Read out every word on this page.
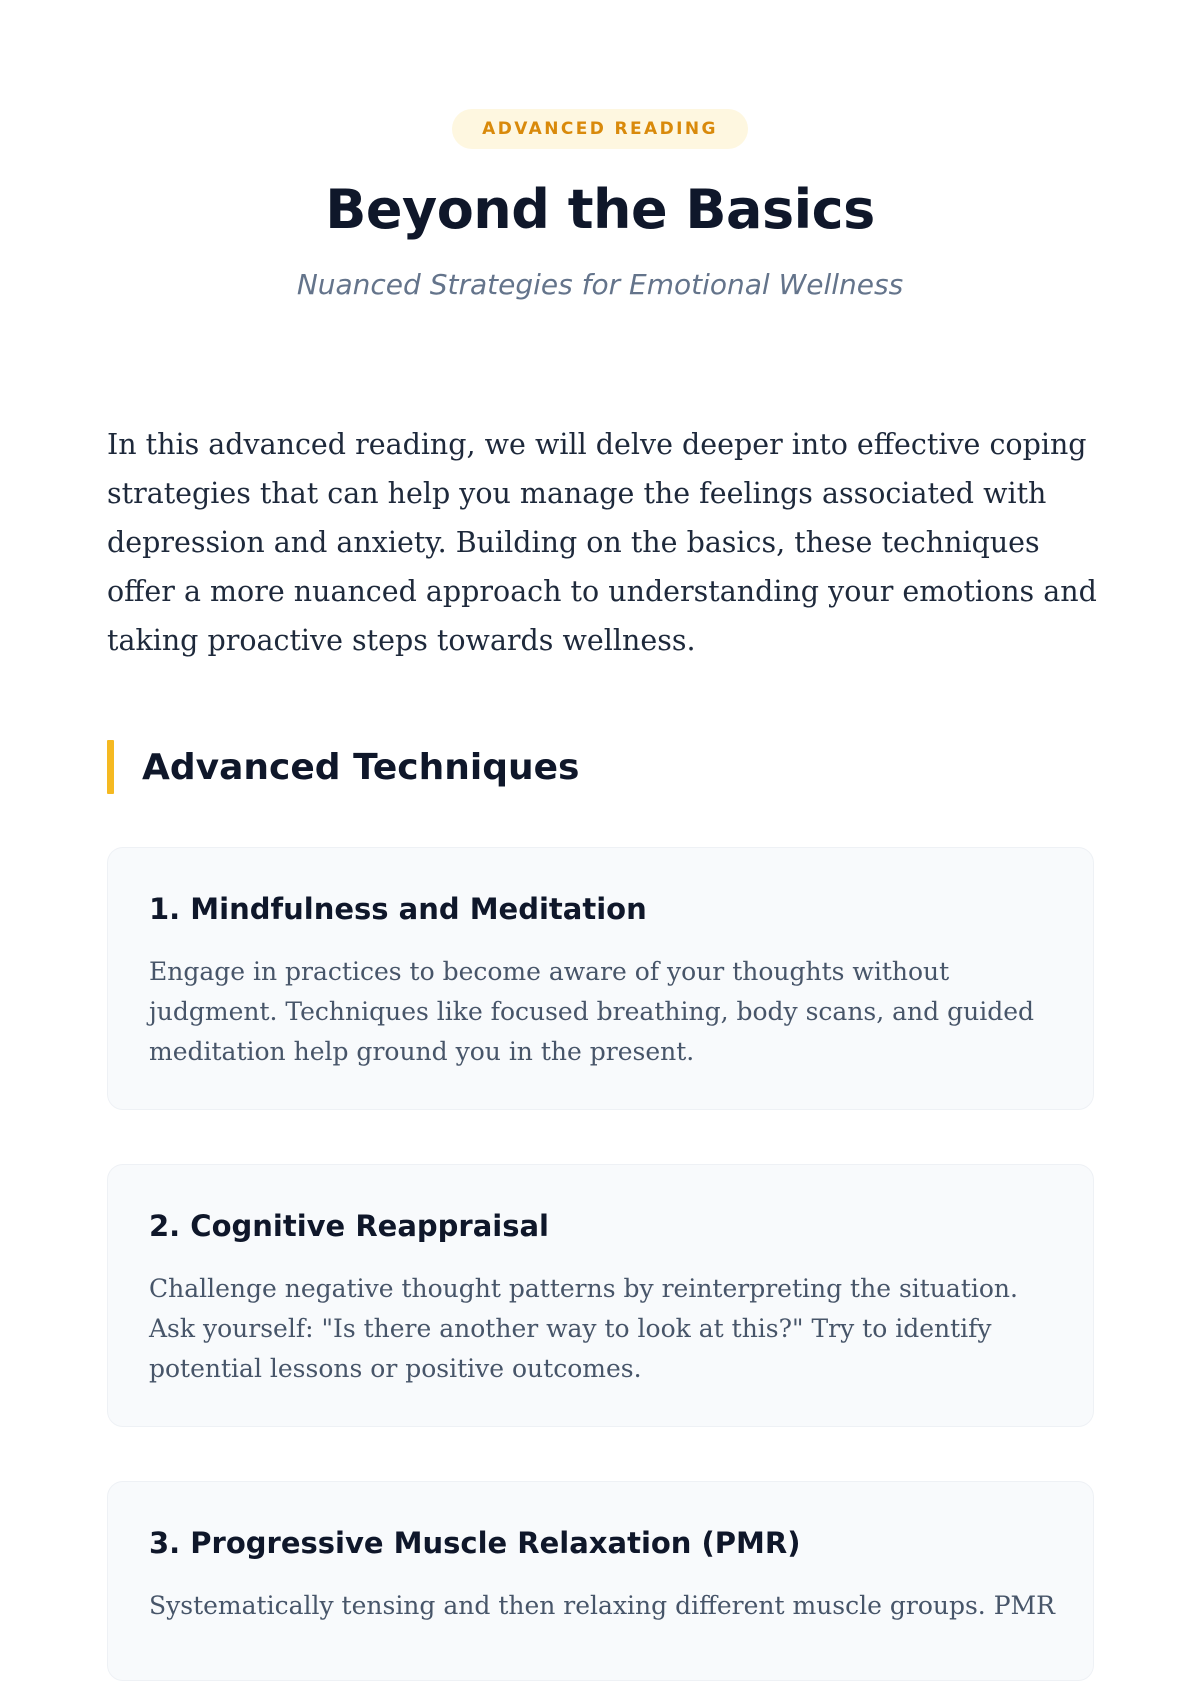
ADVANCED READING
Beyond the Basics
Nuanced Strategies for Emotional Wellness

In this advanced reading, we will delve deeper into effective coping strategies that can help you manage the feelings associated with depression and anxiety. Building on the basics, these techniques offer a more nuanced approach to understanding your emotions and taking proactive steps towards wellness.

Advanced Techniques
1. Mindfulness and Meditation

Engage in practices to become aware of your thoughts without judgment. Techniques like focused breathing, body scans, and guided meditation help ground you in the present.

2. Cognitive Reappraisal

Challenge negative thought patterns by reinterpreting the situation. Ask yourself: "Is there another way to look at this?" Try to identify potential lessons or positive outcomes.

3. Progressive Muscle Relaxation (PMR)

Systematically tensing and then relaxing different muscle groups. PMR
